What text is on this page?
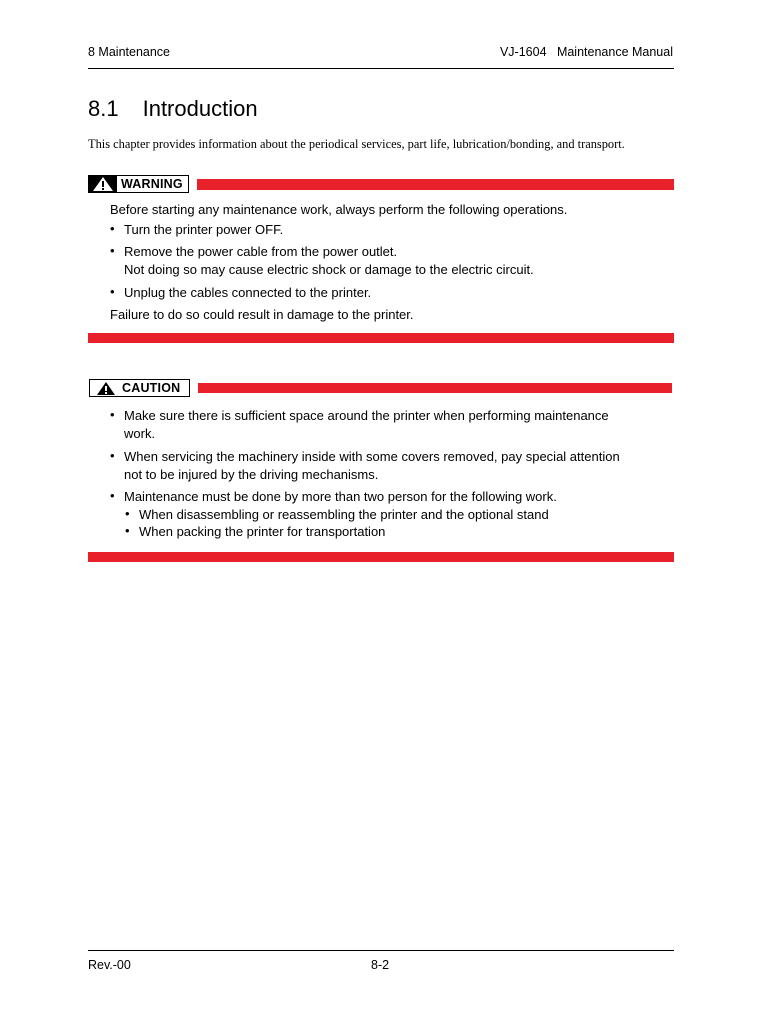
8 Maintenance	VJ-1604   Maintenance Manual
8.1 Introduction
This chapter provides information about the periodical services, part life, lubrication/bonding, and transport.
WARNING
Before starting any maintenance work, always perform the following operations.
• Turn the printer power OFF.
• Remove the power cable from the power outlet.
Not doing so may cause electric shock or damage to the electric circuit.
• Unplug the cables connected to the printer.
Failure to do so could result in damage to the printer.
CAUTION
• Make sure there is sufficient space around the printer when performing maintenance
work.
• When servicing the machinery inside with some covers removed, pay special attention
not to be injured by the driving mechanisms.
• Maintenance must be done by more than two person for the following work.
• When disassembling or reassembling the printer and the optional stand
• When packing the printer for transportation
Rev.-00	8-2
